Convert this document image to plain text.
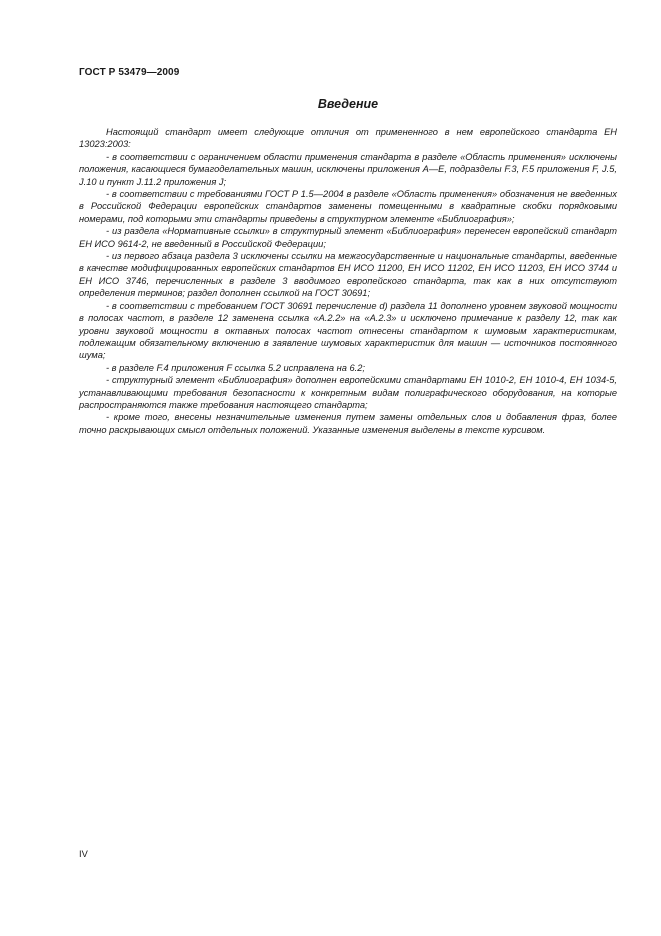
ГОСТ Р 53479—2009
Введение

Настоящий стандарт имеет следующие отличия от примененного в нем европейского стандарта ЕН 13023:2003:

- в соответствии с ограничением области применения стандарта в разделе «Область применения» исключены положения, касающиеся бумагоделательных машин, исключены приложения А—Е, подразделы F.3, F.5 приложения F, J.5, J.10 и пункт J.11.2 приложения J;

- в соответствии с требованиями ГОСТ Р 1.5—2004 в разделе «Область применения» обозначения не введенных в Российской Федерации европейских стандартов заменены помещенными в квадратные скобки порядковыми номерами, под которыми эти стандарты приведены в структурном элементе «Библиография»;

- из раздела «Нормативные ссылки» в структурный элемент «Библиография» перенесен европейский стандарт ЕН ИСО 9614-2, не введенный в Российской Федерации;

- из первого абзаца раздела 3 исключены ссылки на межгосударственные и национальные стандарты, введенные в качестве модифицированных европейских стандартов ЕН ИСО 11200, ЕН ИСО 11202, ЕН ИСО 11203, ЕН ИСО 3744 и ЕН ИСО 3746, перечисленных в разделе 3 вводимого европейского стандарта, так как в них отсутствуют определения терминов; раздел дополнен ссылкой на ГОСТ 30691;

- в соответствии с требованием ГОСТ 30691 перечисление d) раздела 11 дополнено уровнем звуковой мощности в полосах частот, в разделе 12 заменена ссылка «А.2.2» на «А.2.3» и исключено примечание к разделу 12, так как уровни звуковой мощности в октавных полосах частот отнесены стандартом к шумовым характеристикам, подлежащим обязательному включению в заявление шумовых характеристик для машин — источников постоянного шума;

- в разделе F.4 приложения F ссылка 5.2 исправлена на 6.2;

- структурный элемент «Библиография» дополнен европейскими стандартами ЕН 1010-2, ЕН 1010-4, ЕН 1034-5, устанавливающими требования безопасности к конкретным видам полиграфического оборудования, на которые распространяются также требования настоящего стандарта;

- кроме того, внесены незначительные изменения путем замены отдельных слов и добавления фраз, более точно раскрывающих смысл отдельных положений. Указанные изменения выделены в тексте курсивом.

IV
